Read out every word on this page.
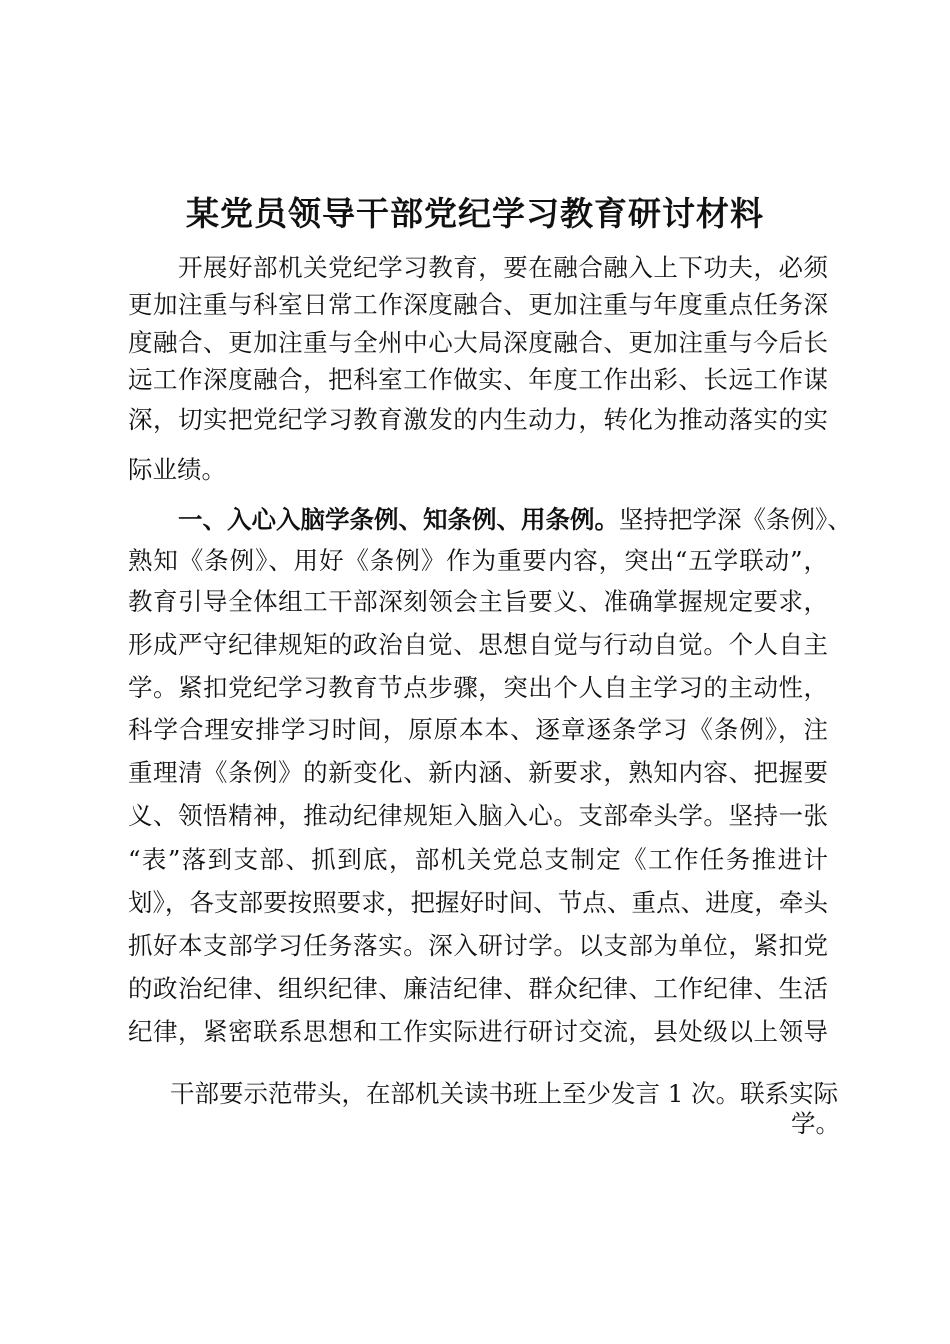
某党员领导干部党纪学习教育研讨材料

开展好部机关党纪学习教育，要在融合融入上下功夫，必须

更加注重与科室日常工作深度融合、更加注重与年度重点任务深

度融合、更加注重与全州中心大局深度融合、更加注重与今后长

远工作深度融合，把科室工作做实、年度工作出彩、长远工作谋

深，切实把党纪学习教育激发的内生动力，转化为推动落实的实

际业绩。

一、入心入脑学条例、知条例、用条例。坚持把学深《条例》、

熟知《条例》、用好《条例》作为重要内容，突出“五学联动”，

教育引导全体组工干部深刻领会主旨要义、准确掌握规定要求，

形成严守纪律规矩的政治自觉、思想自觉与行动自觉。个人自主

学。紧扣党纪学习教育节点步骤，突出个人自主学习的主动性，

科学合理安排学习时间，原原本本、逐章逐条学习《条例》，注

重理清《条例》的新变化、新内涵、新要求，熟知内容、把握要

义、领悟精神，推动纪律规矩入脑入心。支部牵头学。坚持一张

“表”落到支部、抓到底，部机关党总支制定《工作任务推进计

划》，各支部要按照要求，把握好时间、节点、重点、进度，牵头

抓好本支部学习任务落实。深入研讨学。以支部为单位，紧扣党

的政治纪律、组织纪律、廉洁纪律、群众纪律、工作纪律、生活

纪律，紧密联系思想和工作实际进行研讨交流，县处级以上领导

干部要示范带头，在部机关读书班上至少发言 1 次。联系实际

学。
